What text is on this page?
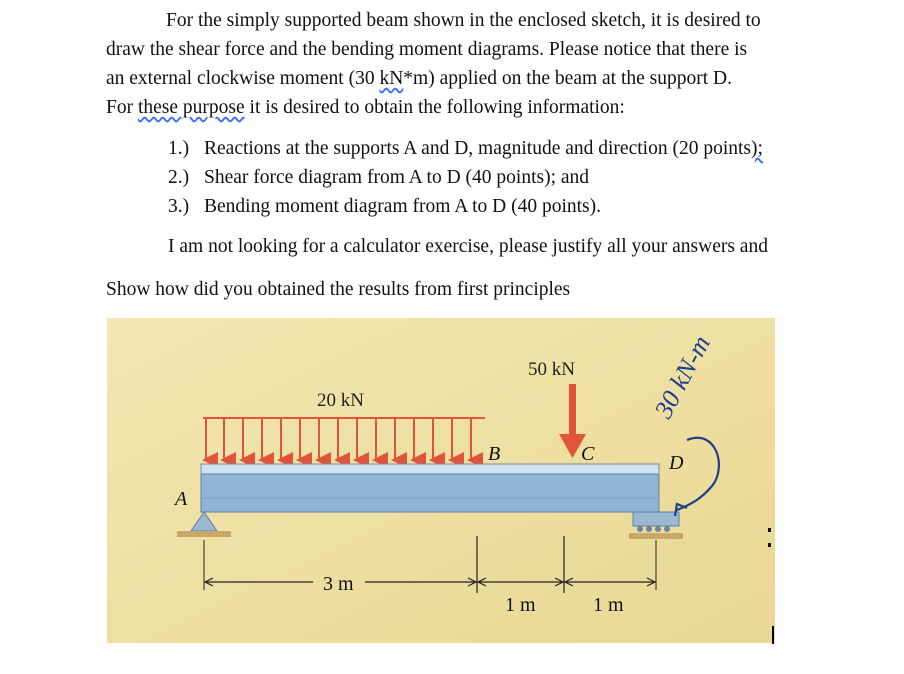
For the simply supported beam shown in the enclosed sketch, it is desired to
draw the shear force and the bending moment diagrams. Please notice that there is
an external clockwise moment (30 kN*m) applied on the beam at the support D.
For these purpose it is desired to obtain the following information:
1.) Reactions at the supports A and D, magnitude and direction (20 points);
2.) Shear force diagram from A to D (40 points); and
3.) Bending moment diagram from A to D (40 points).
I am not looking for a calculator exercise, please justify all your answers and
Show how did you obtained the results from first principles
20 kN
50 kN
B	C	D
A
30 kN-m
3 m
1 m	1 m
